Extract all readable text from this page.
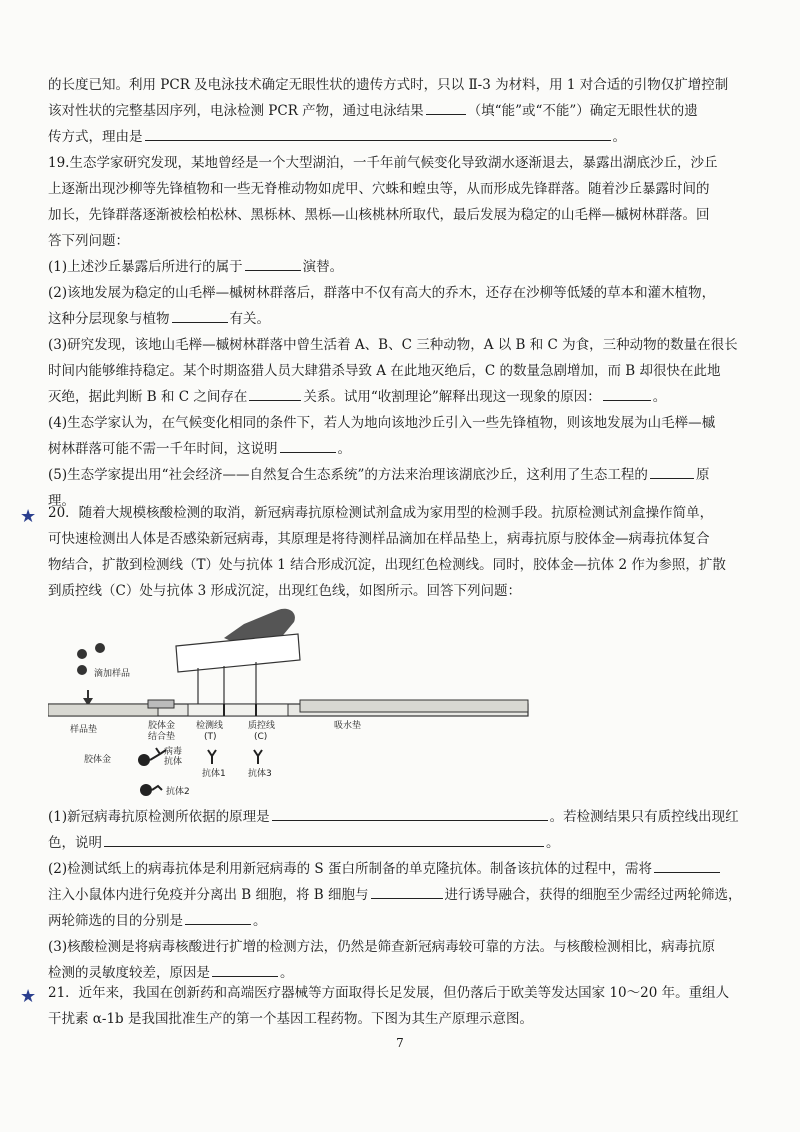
的长度已知。利用 PCR 及电泳技术确定无眼性状的遗传方式时，只以 Ⅱ-3 为材料，用 1 对合适的引物仅扩增控制

该对性状的完整基因序列，电泳检测 PCR 产物，通过电泳结果	（填“能”或“不能”）确定无眼性状的遗

传方式，理由是	。

19.生态学家研究发现，某地曾经是一个大型湖泊，一千年前气候变化导致湖水逐渐退去，暴露出湖底沙丘，沙丘

上逐渐出现沙柳等先锋植物和一些无脊椎动物如虎甲、穴蛛和蝗虫等，从而形成先锋群落。随着沙丘暴露时间的

加长，先锋群落逐渐被桧柏松林、黑栎林、黑栎—山核桃林所取代，最后发展为稳定的山毛榉—槭树林群落。回

答下列问题：

(1)上述沙丘暴露后所进行的属于	演替。

(2)该地发展为稳定的山毛榉—槭树林群落后，群落中不仅有高大的乔木，还存在沙柳等低矮的草本和灌木植物，

这种分层现象与植物	有关。

(3)研究发现，该地山毛榉—槭树林群落中曾生活着 A、B、C 三种动物，A 以 B 和 C 为食，三种动物的数量在很长

时间内能够维持稳定。某个时期盗猎人员大肆猎杀导致 A 在此地灭绝后，C 的数量急剧增加，而 B 却很快在此地

灭绝，据此判断 B 和 C 之间存在	关系。试用“收割理论”解释出现这一现象的原因：	。

(4)生态学家认为，在气候变化相同的条件下，若人为地向该地沙丘引入一些先锋植物，则该地发展为山毛榉—槭

树林群落可能不需一千年时间，这说明	。

(5)生态学家提出用“社会经济——自然复合生态系统”的方法来治理该湖底沙丘，这利用了生态工程的	原

理。

★ 20．随着大规模核酸检测的取消，新冠病毒抗原检测试剂盒成为家用型的检测手段。抗原检测试剂盒操作简单，

可快速检测出人体是否感染新冠病毒，其原理是将待测样品滴加在样品垫上，病毒抗原与胶体金—病毒抗体复合

物结合，扩散到检测线（T）处与抗体 1 结合形成沉淀，出现红色检测线。同时，胶体金—抗体 2 作为参照，扩散

到质控线（C）处与抗体 3 形成沉淀，出现红色线，如图所示。回答下列问题：

滴加样品
样品垫	胶体金
结合垫
检测线
(T)
质控线
(C)
吸水垫
胶体金
病毒
抗体
抗体1 抗体3
抗体2

(1)新冠病毒抗原检测所依据的原理是	。若检测结果只有质控线出现红

色，说明	。

(2)检测试纸上的病毒抗体是利用新冠病毒的 S 蛋白所制备的单克隆抗体。制备该抗体的过程中，需将

注入小鼠体内进行免疫并分离出 B 细胞，将 B 细胞与	进行诱导融合，获得的细胞至少需经过两轮筛选，

两轮筛选的目的分别是	。

(3)核酸检测是将病毒核酸进行扩增的检测方法，仍然是筛查新冠病毒较可靠的方法。与核酸检测相比，病毒抗原

检测的灵敏度较差，原因是	。

★ 21．近年来，我国在创新药和高端医疗器械等方面取得长足发展，但仍落后于欧美等发达国家 10～20 年。重组人

干扰素 α-1b 是我国批准生产的第一个基因工程药物。下图为其生产原理示意图。

7
